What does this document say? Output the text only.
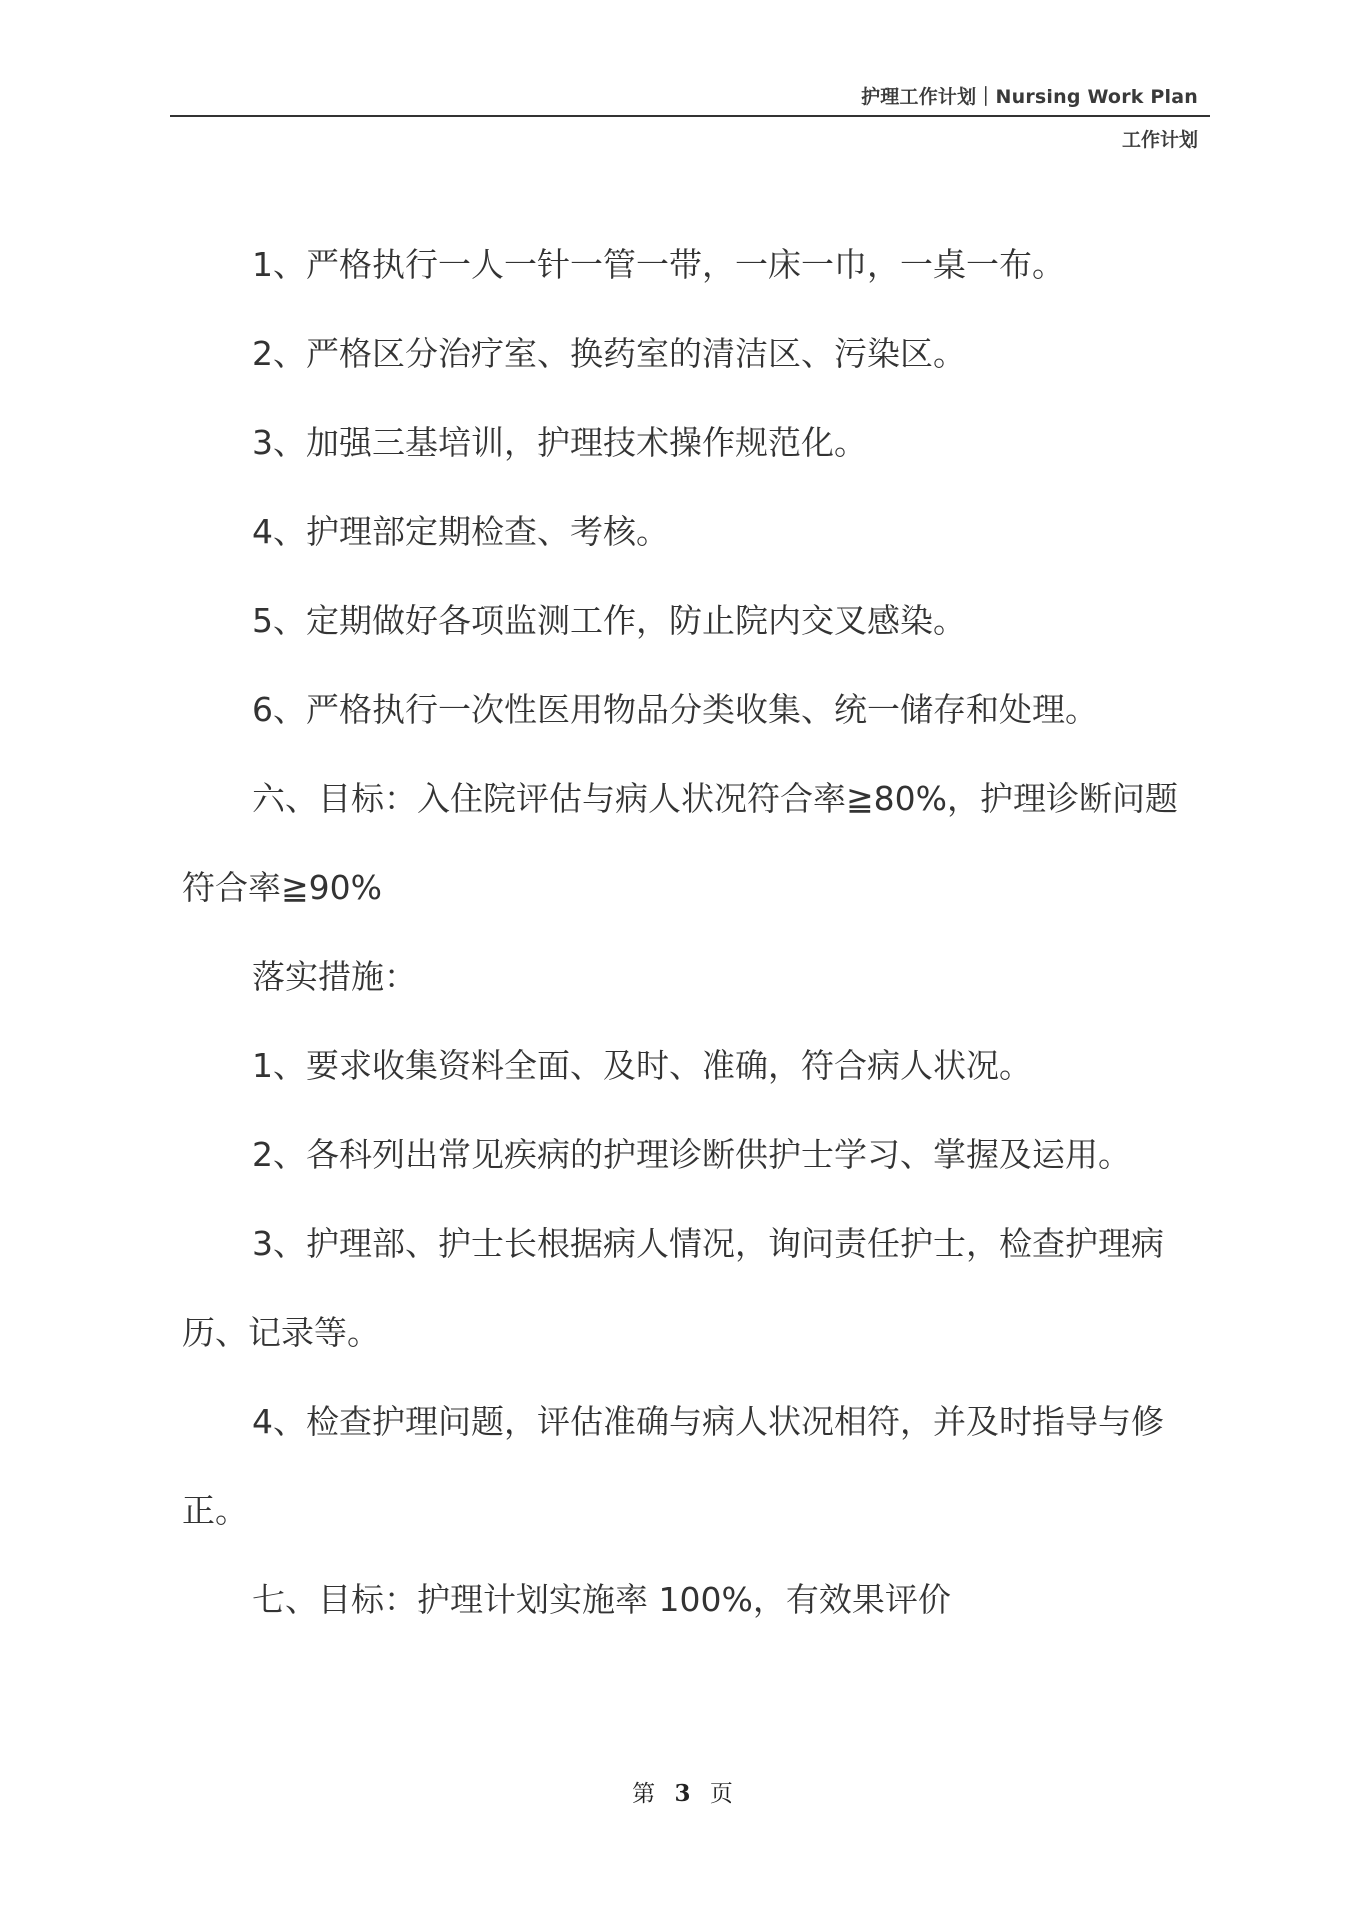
护理工作计划｜Nursing Work Plan
工作计划

1、严格执行一人一针一管一带，一床一巾，一桌一布。

2、严格区分治疗室、换药室的清洁区、污染区。

3、加强三基培训，护理技术操作规范化。

4、护理部定期检查、考核。

5、定期做好各项监测工作，防止院内交叉感染。

6、严格执行一次性医用物品分类收集、统一储存和处理。

六、目标：入住院评估与病人状况符合率≧80%，护理诊断问题符合率≧90%

落实措施：

1、要求收集资料全面、及时、准确，符合病人状况。

2、各科列出常见疾病的护理诊断供护士学习、掌握及运用。

3、护理部、护士长根据病人情况，询问责任护士，检查护理病历、记录等。

4、检查护理问题，评估准确与病人状况相符，并及时指导与修正。

七、目标：护理计划实施率 100%，有效果评价

第 3 页
